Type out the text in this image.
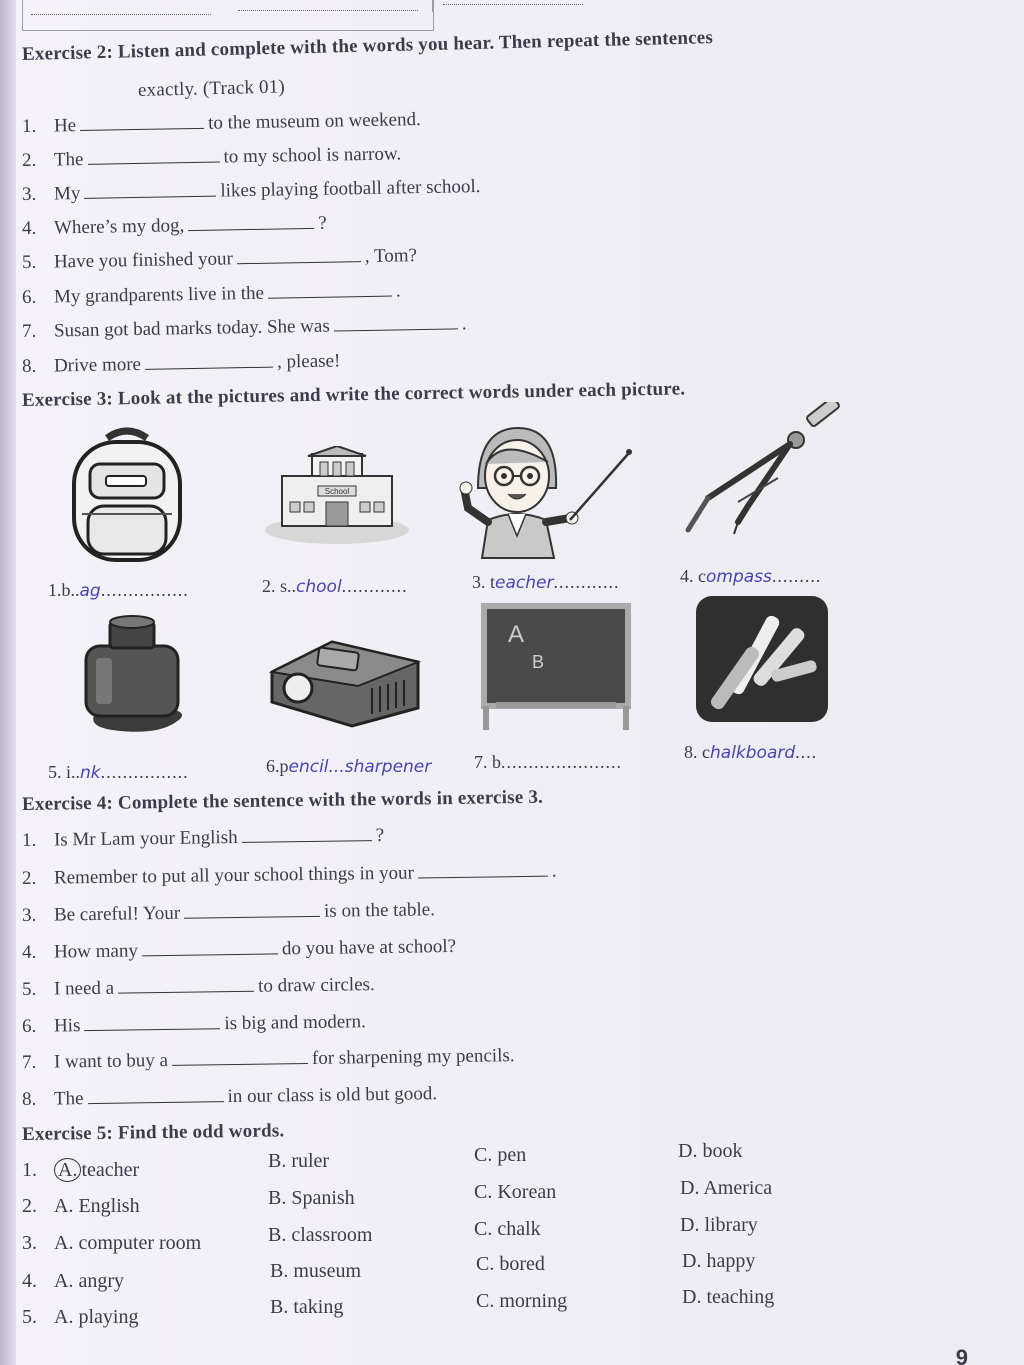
Exercise 2: Listen and complete with the words you hear. Then repeat the sentences
exactly. (Track 01)
1. He	to the museum on weekend.
2. The	to my school is narrow.
3. My	likes playing football after school.
4. Where’s my dog,	?
5. Have you finished your	, Tom?
6. My grandparents live in the	.
7. Susan got bad marks today. She was	.
8. Drive more	, please!
Exercise 3: Look at the pictures and write the correct words under each picture.
School
1.b..ag................	2. s..chool............	3. teacher............	4. compass.........
A
B
5. i..nk................	6.pencil...sharpener 7. b......................	8. chalkboard....
Exercise 4: Complete the sentence with the words in exercise 3.
1. Is Mr Lam your English	?
2. Remember to put all your school things in your	.
3. Be careful! Your	is on the table.
4. How many	do you have at school?
5. I need a	to draw circles.
6. His	is big and modern.
7. I want to buy a	for sharpening my pencils.
8. The	in our class is old but good.
Exercise 5: Find the odd words.
1. A. teacher	B. ruler	C. pen	D. book
2. A. English	B. Spanish	C. Korean	D. America
3. A. computer room	B. classroom	C. chalk	D. library
4. A. angry	B. museum	C. bored	D. happy
5. A. playing	B. taking	C. morning	D. teaching
9
